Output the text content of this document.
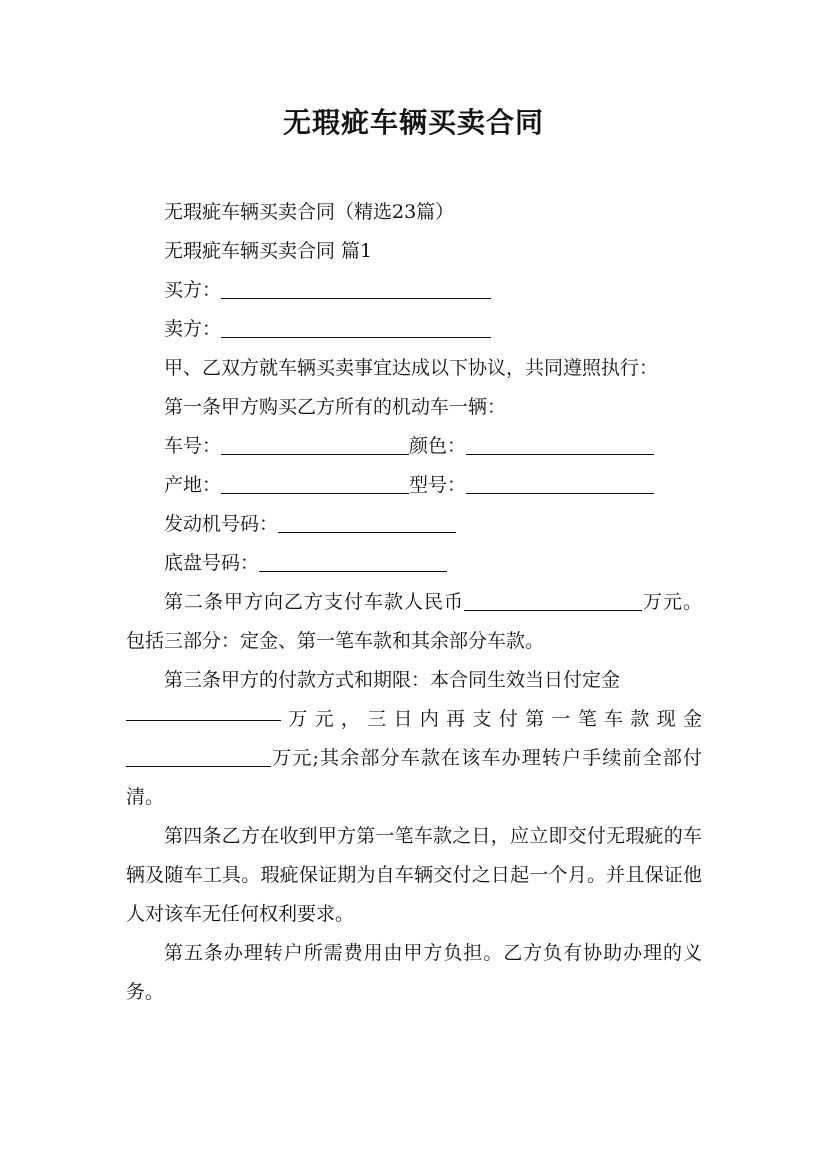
无瑕疵车辆买卖合同

无瑕疵车辆买卖合同（精选23篇）

无瑕疵车辆买卖合同 篇1

买方：

卖方：

甲、乙双方就车辆买卖事宜达成以下协议，共同遵照执行：

第一条甲方购买乙方所有的机动车一辆：

车号：	颜色：

产地：	型号：

发动机号码：

底盘号码：

第二条甲方向乙方支付车款人民币	万元。包括三部分：定金、第一笔车款和其余部分车款。

第三条甲方的付款方式和期限：本合同生效当日付定金

万 元 ， 三 日 内 再 支 付 第 一 笔 车 款 现 金

万元;其余部分车款在该车办理转户手续前全部付清。

第四条乙方在收到甲方第一笔车款之日，应立即交付无瑕疵的车辆及随车工具。瑕疵保证期为自车辆交付之日起一个月。并且保证他人对该车无任何权利要求。

第五条办理转户所需费用由甲方负担。乙方负有协助办理的义务。
